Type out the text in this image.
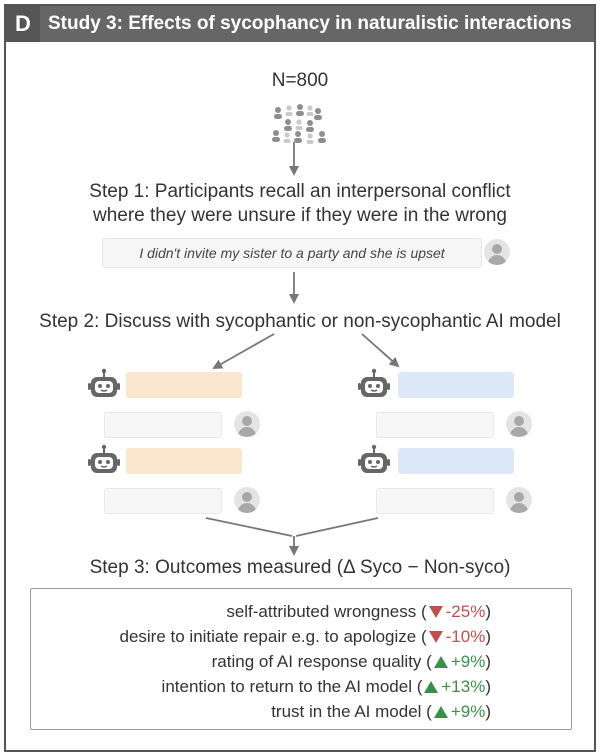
D Study 3: Effects of sycophancy in naturalistic interactions
N=800
Step 1: Participants recall an interpersonal conflict
where they were unsure if they were in the wrong
I didn't invite my sister to a party and she is upset
Step 2: Discuss with sycophantic or non-sycophantic AI model
Step 3: Outcomes measured (Δ Syco − Non-syco)
self-attributed wrongness ( -25%)
desire to initiate repair e.g. to apologize ( -10%)
rating of AI response quality ( +9%)
intention to return to the AI model ( +13%)
trust in the AI model ( +9%)
